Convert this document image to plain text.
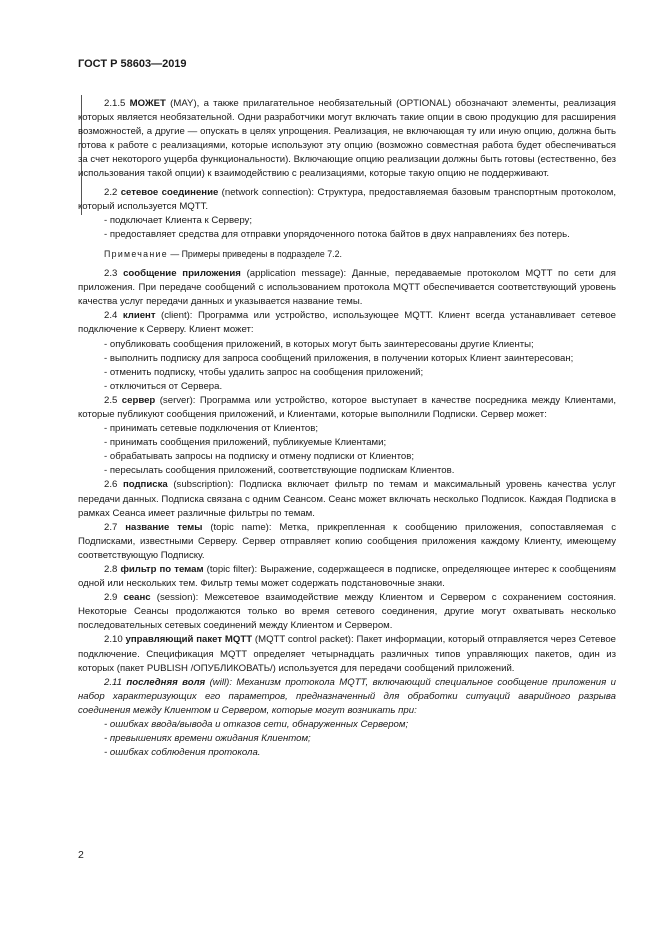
ГОСТ Р 58603—2019

2.1.5 МОЖЕТ (MAY), а также прилагательное необязательный (OPTIONAL) обозначают элементы, реализация которых является необязательной. Одни разработчики могут включать такие опции в свою продукцию для расширения возможностей, а другие — опускать в целях упрощения. Реализация, не включающая ту или иную опцию, должна быть готова к работе с реализациями, которые используют эту опцию (возможно совместная работа будет обеспечиваться за счет некоторого ущерба функциональности). Включающие опцию реализации должны быть готовы (естественно, без использования такой опции) к взаимодействию с реализациями, которые такую опцию не поддерживают.

2.2 сетевое соединение (network connection): Структура, предоставляемая базовым транспортным протоколом, который используется MQTT.

- подключает Клиента к Серверу;

- предоставляет средства для отправки упорядоченного потока байтов в двух направлениях без потерь.

Примечание — Примеры приведены в подразделе 7.2.

2.3 сообщение приложения (application message): Данные, передаваемые протоколом MQTT по сети для приложения. При передаче сообщений с использованием протокола MQTT обеспечивается соответствующий уровень качества услуг передачи данных и указывается название темы.

2.4 клиент (client): Программа или устройство, использующее MQTT. Клиент всегда устанавливает сетевое подключение к Серверу. Клиент может:

- опубликовать сообщения приложений, в которых могут быть заинтересованы другие Клиенты;

- выполнить подписку для запроса сообщений приложения, в получении которых Клиент заинтересован;

- отменить подписку, чтобы удалить запрос на сообщения приложений;

- отключиться от Сервера.

2.5 сервер (server): Программа или устройство, которое выступает в качестве посредника между Клиентами, которые публикуют сообщения приложений, и Клиентами, которые выполнили Подписки. Сервер может:

- принимать сетевые подключения от Клиентов;

- принимать сообщения приложений, публикуемые Клиентами;

- обрабатывать запросы на подписку и отмену подписки от Клиентов;

- пересылать сообщения приложений, соответствующие подпискам Клиентов.

2.6 подписка (subscription): Подписка включает фильтр по темам и максимальный уровень качества услуг передачи данных. Подписка связана с одним Сеансом. Сеанс может включать несколько Подписок. Каждая Подписка в рамках Сеанса имеет различные фильтры по темам.

2.7 название темы (topic name): Метка, прикрепленная к сообщению приложения, сопоставляемая с Подписками, известными Серверу. Сервер отправляет копию сообщения приложения каждому Клиенту, имеющему соответствующую Подписку.

2.8 фильтр по темам (topic filter): Выражение, содержащееся в подписке, определяющее интерес к сообщениям одной или нескольких тем. Фильтр темы может содержать подстановочные знаки.

2.9 сеанс (session): Межсетевое взаимодействие между Клиентом и Сервером с сохранением состояния. Некоторые Сеансы продолжаются только во время сетевого соединения, другие могут охватывать несколько последовательных сетевых соединений между Клиентом и Сервером.

2.10 управляющий пакет MQTT (MQTT control packet): Пакет информации, который отправляется через Сетевое подключение. Спецификация MQTT определяет четырнадцать различных типов управляющих пакетов, один из которых (пакет PUBLISH /ОПУБЛИКОВАТЬ/) используется для передачи сообщений приложений.

2.11 последняя воля (will): Механизм протокола MQTT, включающий специальное сообщение приложения и набор характеризующих его параметров, предназначенный для обработки ситуаций аварийного разрыва соединения между Клиентом и Сервером, которые могут возникать при:

- ошибках ввода/вывода и отказов сети, обнаруженных Сервером;

- превышениях времени ожидания Клиентом;

- ошибках соблюдения протокола.

2
